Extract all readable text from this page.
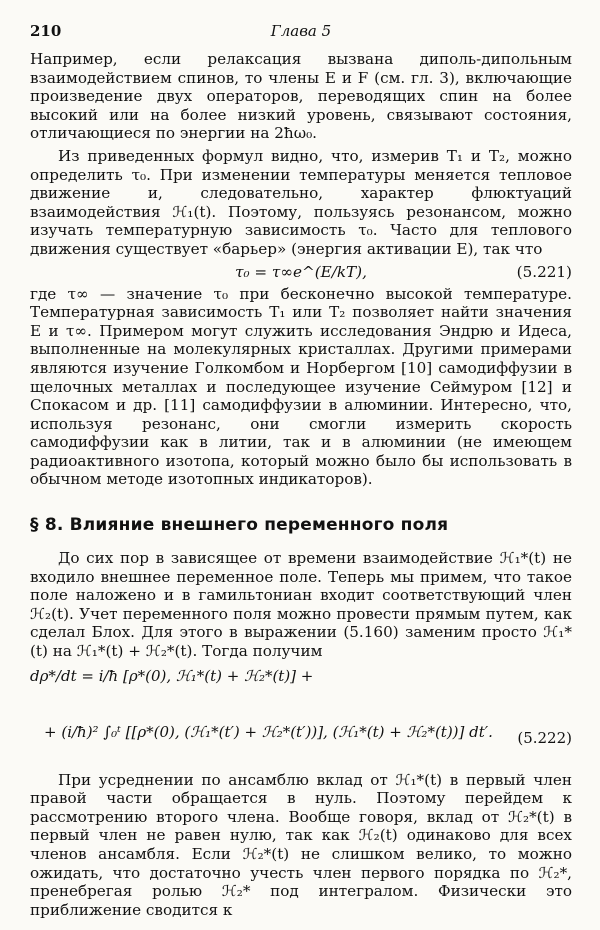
210	Глава 5

Например, если релаксация вызвана диполь-дипольным взаимодействием спинов, то члены E и F (см. гл. 3), включающие произведение двух операторов, переводящих спин на более высокий или на более низкий уровень, связывают состояния, отличающиеся по энергии на 2ħω₀.

Из приведенных формул видно, что, измерив T₁ и T₂, можно определить τ₀. При изменении температуры меняется тепловое движение и, следовательно, характер флюктуаций взаимодействия ℋ₁(t). Поэтому, пользуясь резонансом, можно изучать температурную зависимость τ₀. Часто для теплового движения существует «барьер» (энергия активации E), так что

τ₀ = τ∞e^(E/kT),	(5.221)

где τ∞ — значение τ₀ при бесконечно высокой температуре. Температурная зависимость T₁ или T₂ позволяет найти значения E и τ∞. Примером могут служить исследования Эндрю и Идеса, выполненные на молекулярных кристаллах. Другими примерами являются изучение Голкомбом и Норбергом [10] самодиффузии в щелочных металлах и последующее изучение Сеймуром [12] и Спокасом и др. [11] самодиффузии в алюминии. Интересно, что, используя резонанс, они смогли измерить скорость самодиффузии как в литии, так и в алюминии (не имеющем радиоактивного изотопа, который можно было бы использовать в обычном методе изотопных индикаторов).

§ 8. Влияние внешнего переменного поля

До сих пор в зависящее от времени взаимодействие ℋ₁*(t) не входило внешнее переменное поле. Теперь мы примем, что такое поле наложено и в гамильтониан входит соответствующий член ℋ₂(t). Учет переменного поля можно провести прямым путем, как сделал Блох. Для этого в выражении (5.160) заменим просто ℋ₁*(t) на ℋ₁*(t) + ℋ₂*(t). Тогда получим

dρ*/dt = i/ħ [ρ*(0), ℋ₁*(t) + ℋ₂*(t)] +
+ (i/ħ)² ∫₀ᵗ [[ρ*(0), (ℋ₁*(t′) + ℋ₂*(t′))], (ℋ₁*(t) + ℋ₂*(t))] dt′. (5.222)

При усреднении по ансамблю вклад от ℋ₁*(t) в первый член правой части обращается в нуль. Поэтому перейдем к рассмотрению второго члена. Вообще говоря, вклад от ℋ₂*(t) в первый член не равен нулю, так как ℋ₂(t) одинаково для всех членов ансамбля. Если ℋ₂*(t) не слишком велико, то можно ожидать, что достаточно учесть член первого порядка по ℋ₂*, пренебрегая ролью ℋ₂* под интегралом. Физически это приближение сводится к
